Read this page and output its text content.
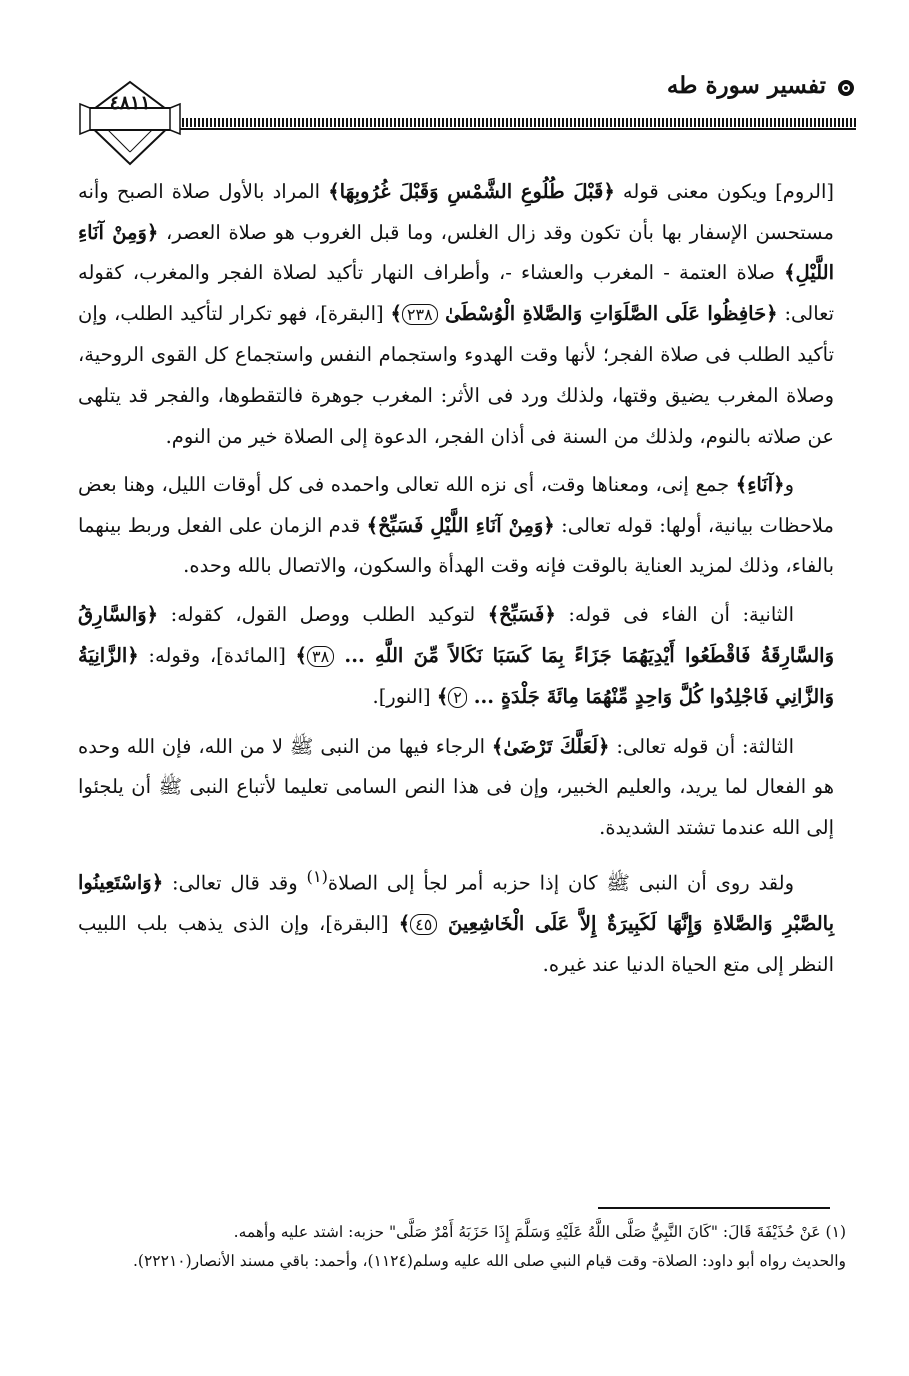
تفسير سورة طه
٤٨١١

[الروم] ويكون معنى قوله ﴿قَبْلَ طُلُوعِ الشَّمْسِ وَقَبْلَ غُرُوبِهَا﴾ المراد بالأول صلاة الصبح وأنه مستحسن الإسفار بها بأن تكون وقد زال الغلس، وما قبل الغروب هو صلاة العصر، ﴿وَمِنْ آنَاءِ اللَّيْلِ﴾ صلاة العتمة - المغرب والعشاء -، وأطراف النهار تأكيد لصلاة الفجر والمغرب، كقوله تعالى: ﴿حَافِظُوا عَلَى الصَّلَوَاتِ وَالصَّلاةِ الْوُسْطَىٰ ٢٣٨﴾ [البقرة]، فهو تكرار لتأكيد الطلب، وإن تأكيد الطلب فى صلاة الفجر؛ لأنها وقت الهدوء واستجمام النفس واستجماع كل القوى الروحية، وصلاة المغرب يضيق وقتها، ولذلك ورد فى الأثر: المغرب جوهرة فالتقطوها، والفجر قد يتلهى عن صلاته بالنوم، ولذلك من السنة فى أذان الفجر، الدعوة إلى الصلاة خير من النوم.

و﴿آنَاءِ﴾ جمع إنى، ومعناها وقت، أى نزه الله تعالى واحمده فى كل أوقات الليل، وهنا بعض ملاحظات بيانية، أولها: قوله تعالى: ﴿وَمِنْ آنَاءِ اللَّيْلِ فَسَبِّحْ﴾ قدم الزمان على الفعل وربط بينهما بالفاء، وذلك لمزيد العناية بالوقت فإنه وقت الهدأة والسكون، والاتصال بالله وحده.

الثانية: أن الفاء فى قوله: ﴿فَسَبِّحْ﴾ لتوكيد الطلب ووصل القول، كقوله: ﴿وَالسَّارِقُ وَالسَّارِقَةُ فَاقْطَعُوا أَيْدِيَهُمَا جَزَاءً بِمَا كَسَبَا نَكَالاً مِّنَ اللَّهِ ... ٣٨﴾ [المائدة]، وقوله: ﴿الزَّانِيَةُ وَالزَّانِي فَاجْلِدُوا كُلَّ وَاحِدٍ مِّنْهُمَا مِائَةَ جَلْدَةٍ ... ٢﴾ [النور].

الثالثة: أن قوله تعالى: ﴿لَعَلَّكَ تَرْضَىٰ﴾ الرجاء فيها من النبى ﷺ لا من الله، فإن الله وحده هو الفعال لما يريد، والعليم الخبير، وإن فى هذا النص السامى تعليما لأتباع النبى ﷺ أن يلجئوا إلى الله عندما تشتد الشديدة.

ولقد روى أن النبى ﷺ كان إذا حزبه أمر لجأ إلى الصلاة$^{(١)}$ وقد قال تعالى: ﴿وَاسْتَعِينُوا بِالصَّبْرِ وَالصَّلاةِ وَإِنَّهَا لَكَبِيرَةٌ إِلاَّ عَلَى الْخَاشِعِينَ ٤٥﴾ [البقرة]، وإن الذى يذهب بلب اللبيب النظر إلى متع الحياة الدنيا عند غيره.

(١) عَنْ حُذَيْفَةَ قَالَ: "كَانَ النَّبِيُّ صَلَّى اللَّهُ عَلَيْهِ وَسَلَّمَ إِذَا حَزَبَهُ أَمْرٌ صَلَّى" حزبه: اشتد عليه وأهمه.

والحديث رواه أبو داود: الصلاة- وقت قيام النبي صلى الله عليه وسلم(١١٢٤)، وأحمد: باقي مسند الأنصار(٢٢٢١٠).
